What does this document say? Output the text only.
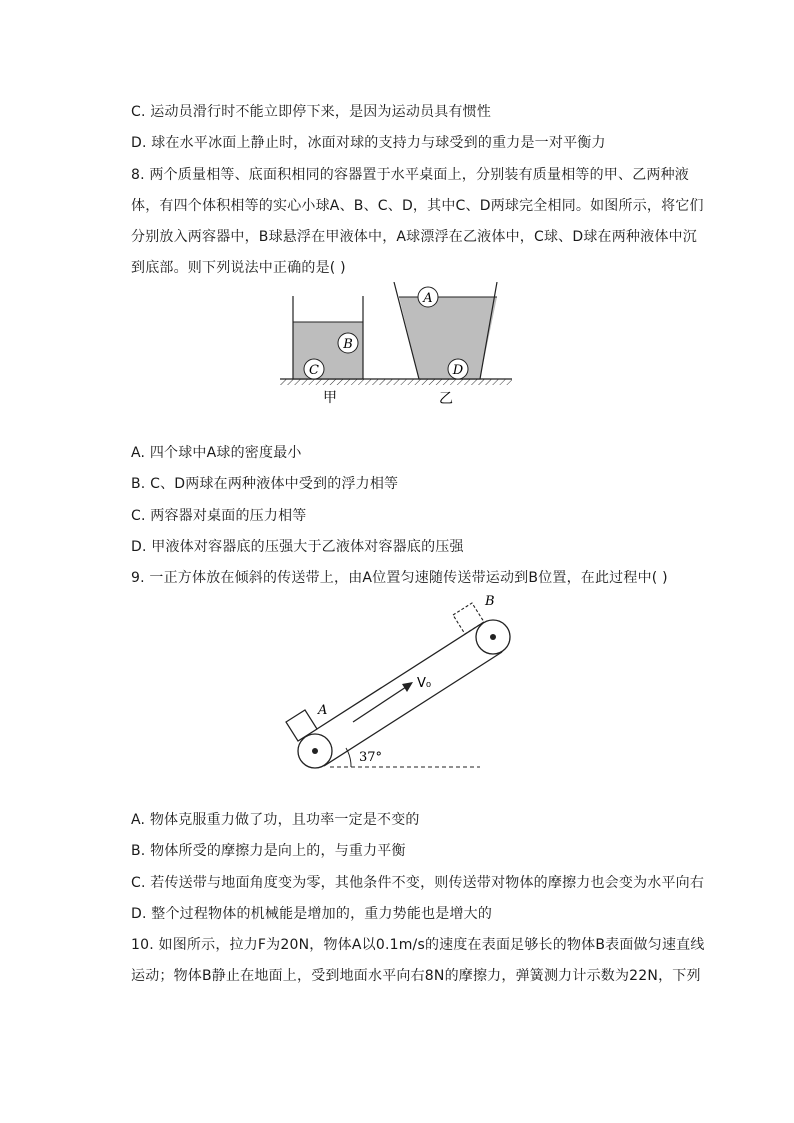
C. 运动员滑行时不能立即停下来，是因为运动员具有惯性
D. 球在水平冰面上静止时，冰面对球的支持力与球受到的重力是一对平衡力
8. 两个质量相等、底面积相同的容器置于水平桌面上，分别装有质量相等的甲、乙两种液
体，有四个体积相等的实心小球A、B、C、D，其中C、D两球完全相同。如图所示，将它们
分别放入两容器中，B球悬浮在甲液体中，A球漂浮在乙液体中，C球、D球在两种液体中沉
到底部。则下列说法中正确的是( )
B
C
A
D
甲	乙
A. 四个球中A球的密度最小
B. C、D两球在两种液体中受到的浮力相等
C. 两容器对桌面的压力相等
D. 甲液体对容器底的压强大于乙液体对容器底的压强
9. 一正方体放在倾斜的传送带上，由A位置匀速随传送带运动到B位置，在此过程中( )
37°
A
B
V₀
A. 物体克服重力做了功，且功率一定是不变的
B. 物体所受的摩擦力是向上的，与重力平衡
C. 若传送带与地面角度变为零，其他条件不变，则传送带对物体的摩擦力也会变为水平向右
D. 整个过程物体的机械能是增加的，重力势能也是增大的
10. 如图所示，拉力F为20N，物体A以0.1m/s的速度在表面足够长的物体B表面做匀速直线
运动；物体B静止在地面上，受到地面水平向右8N的摩擦力，弹簧测力计示数为22N，下列
